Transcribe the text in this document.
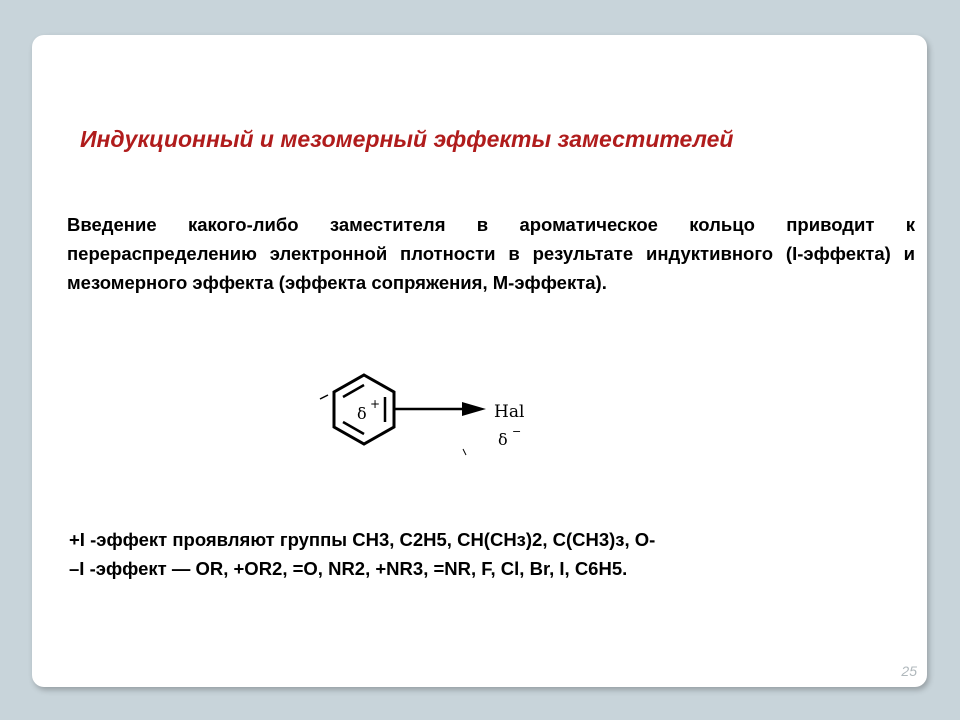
Индукционный и мезомерный эффекты заместителей

Введение какого-либо заместителя в ароматическое кольцо приводит к перераспределению электронной плотности в результате индуктивного (I-эффекта) и мезомерного эффекта (эффекта сопряжения, М-эффекта).

δ +	Hal
δ −
+I -эффект проявляют группы СН3, С2Н5, СН(СНз)2, С(СН3)з, О-
–I -эффект — OR, +OR2, =O, NR2, +NR3, =NR, F, Cl, Br, I, C6H5.
25
